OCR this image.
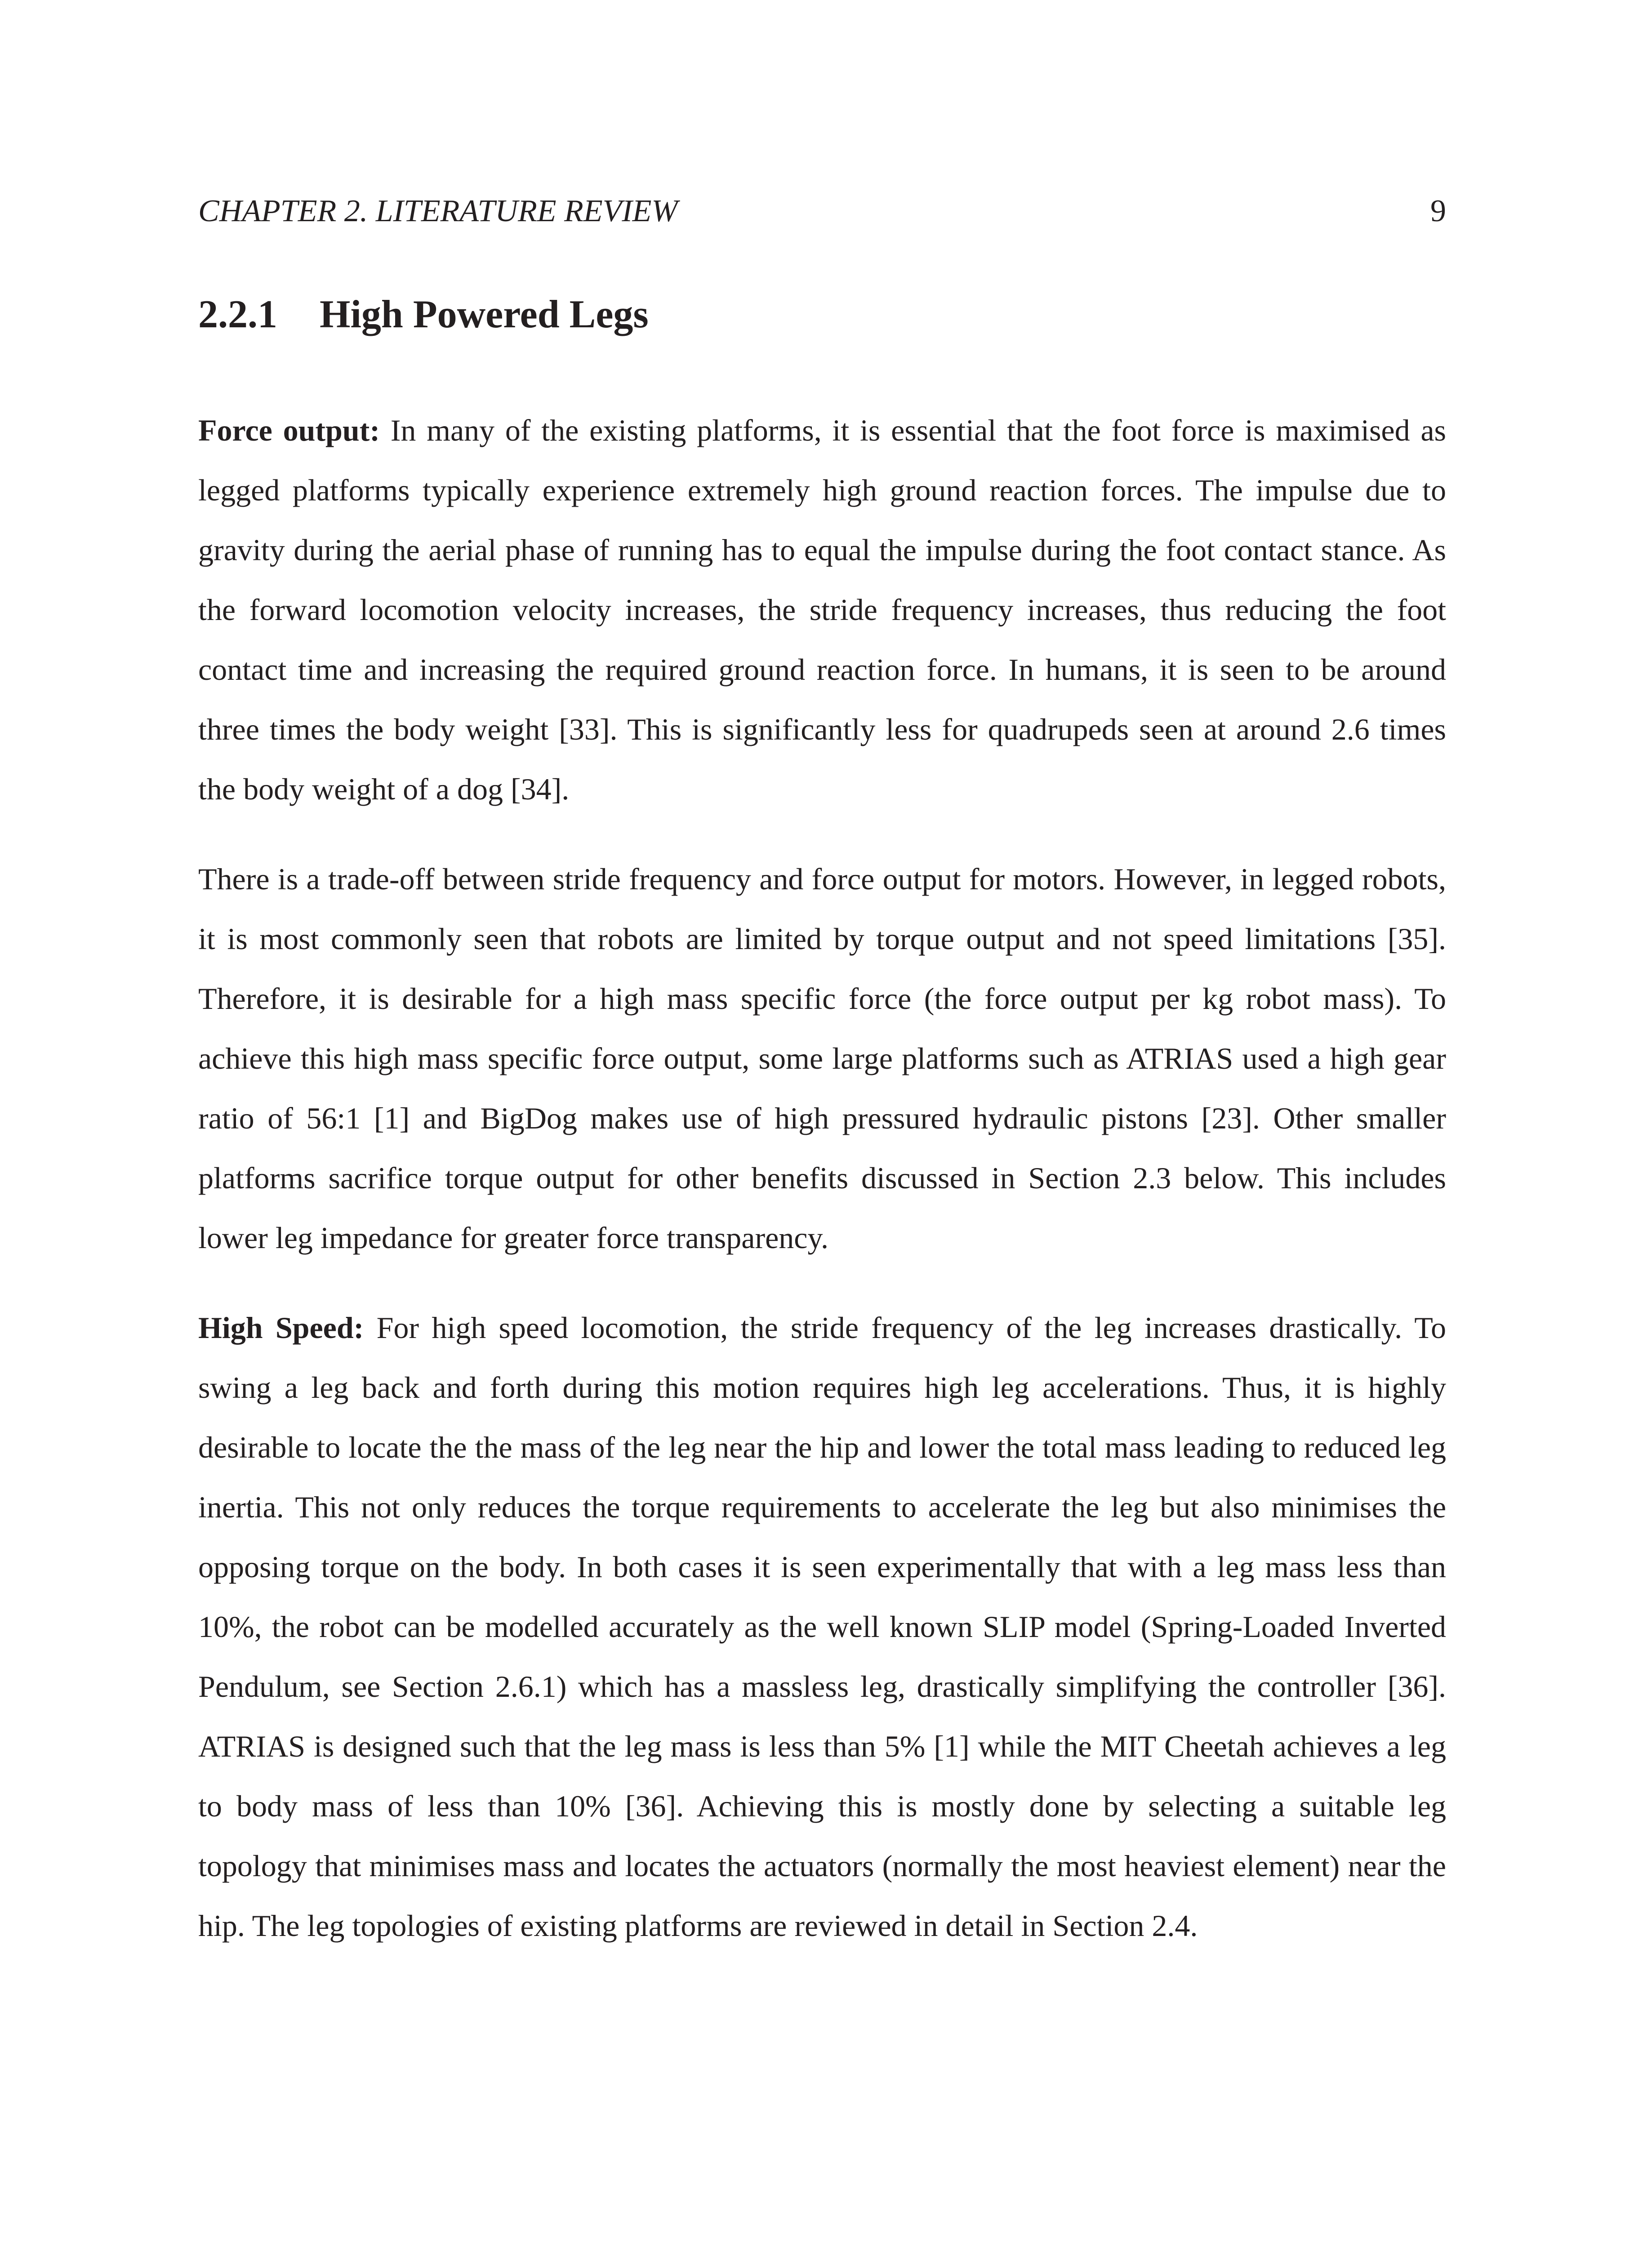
CHAPTER 2. LITERATURE REVIEW	9
2.2.1 High Powered Legs

Force output: In many of the existing platforms, it is essential that the foot force is maximised as legged platforms typically experience extremely high ground reaction forces. The impulse due to gravity during the aerial phase of running has to equal the impulse during the foot contact stance. As the forward locomotion velocity increases, the stride frequency increases, thus reducing the foot contact time and increasing the required ground reaction force. In humans, it is seen to be around three times the body weight [33]. This is significantly less for quadrupeds seen at around 2.6 times the body weight of a dog [34].

There is a trade-off between stride frequency and force output for motors. However, in legged robots, it is most commonly seen that robots are limited by torque output and not speed limitations [35]. Therefore, it is desirable for a high mass specific force (the force output per kg robot mass). To achieve this high mass specific force output, some large platforms such as ATRIAS used a high gear ratio of 56:1 [1] and BigDog makes use of high pressured hydraulic pistons [23]. Other smaller platforms sacrifice torque output for other benefits discussed in Section 2.3 below. This includes lower leg impedance for greater force transparency.

High Speed: For high speed locomotion, the stride frequency of the leg increases drastically. To swing a leg back and forth during this motion requires high leg accelerations. Thus, it is highly desirable to locate the the mass of the leg near the hip and lower the total mass leading to reduced leg inertia. This not only reduces the torque requirements to accelerate the leg but also minimises the opposing torque on the body. In both cases it is seen experimentally that with a leg mass less than 10%, the robot can be modelled accurately as the well known SLIP model (Spring-Loaded Inverted Pendulum, see Section 2.6.1) which has a massless leg, drastically simplifying the controller [36]. ATRIAS is designed such that the leg mass is less than 5% [1] while the MIT Cheetah achieves a leg to body mass of less than 10% [36]. Achieving this is mostly done by selecting a suitable leg topology that minimises mass and locates the actuators (normally the most heaviest element) near the hip. The leg topologies of existing platforms are reviewed in detail in Section 2.4.
